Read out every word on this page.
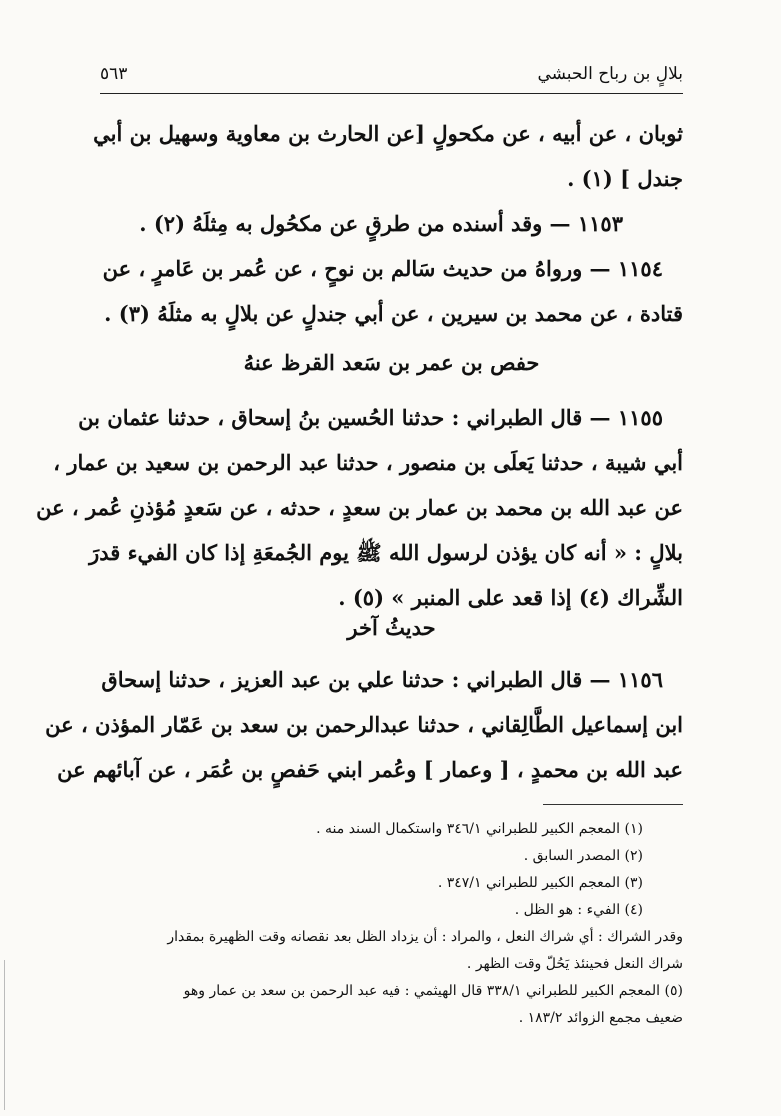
بلالٍ بن رباح الحبشي
٥٦٣
ثوبان ، عن أبيه ، عن مكحولٍ [عن الحارث بن معاوية وسهيل بن أبي
جندل ] (١) .
١١٥٣ — وقد أسنده من طرقٍ عن مكحُول به مِثلَهُ (٢) .
١١٥٤ — ورواهُ من حديث سَالم بن نوحٍ ، عن عُمر بن عَامرٍ ، عن
قتادة ، عن محمد بن سيرين ، عن أبي جندلٍ عن بلالٍ به مثلَهُ (٣) .
حفص بن عمر بن سَعد القرظ عنهُ
١١٥٥ — قال الطبراني : حدثنا الحُسين بنُ إسحاق ، حدثنا عثمان بن
أبي شيبة ، حدثنا يَعلَى بن منصور ، حدثنا عبد الرحمن بن سعيد بن عمار ،
عن عبد الله بن محمد بن عمار بن سعدٍ ، حدثه ، عن سَعدٍ مُؤذنِ عُمر ، عن
بلالٍ : « أنه كان يؤذن لرسول الله ﷺ يوم الجُمعَةِ إذا كان الفيء قدرَ
الشِّراك (٤) إذا قعد على المنبر » (٥) .
حديثُ آخر
١١٥٦ — قال الطبراني : حدثنا علي بن عبد العزيز ، حدثنا إسحاق
ابن إسماعيل الطَّالِقاني ، حدثنا عبدالرحمن بن سعد بن عَمّار المؤذن ، عن
عبد الله بن محمدٍ ، [ وعمار ] وعُمر ابني حَفصٍ بن عُمَر ، عن آبائهم عن
(١) المعجم الكبير للطبراني ٣٤٦/١ واستكمال السند منه .
(٢) المصدر السابق .
(٣) المعجم الكبير للطبراني ٣٤٧/١ .
(٤) الفيء : هو الظل .
وقدر الشراك : أي شراك النعل ، والمراد : أن يزداد الظل بعد نقصانه وقت الظهيرة بمقدار
شراك النعل فحينئذ يَحُلّ وقت الظهر .
(٥) المعجم الكبير للطبراني ٣٣٨/١ قال الهيثمي : فيه عبد الرحمن بن سعد بن عمار وهو
ضعيف مجمع الزوائد ١٨٣/٢ .
